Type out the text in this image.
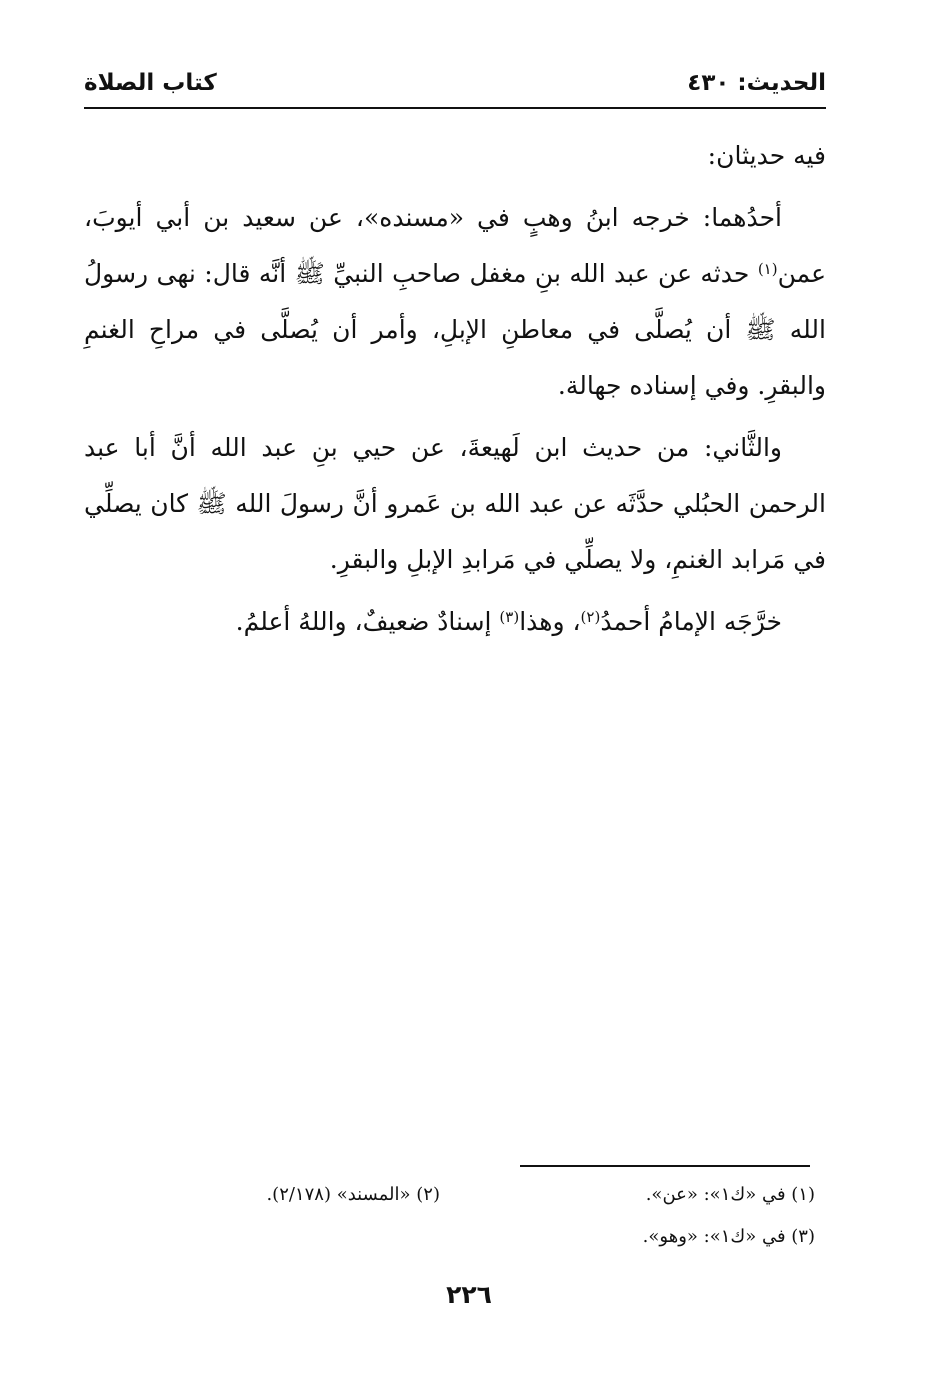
الحديث: ٤٣٠
كتاب الصلاة

فيه حديثان:

أحدُهما: خرجه ابنُ وهبٍ في «مسنده»، عن سعيد بن أبي أيوبَ، عمن$^{(١)}$ حدثه عن عبد الله بنِ مغفل صاحبِ النبيِّ ﷺ أنَّه قال: نهى رسولُ الله ﷺ أن يُصلَّى في معاطنِ الإبلِ، وأمر أن يُصلَّى في مراحِ الغنمِ والبقرِ. وفي إسناده جهالة.

والثَّاني: من حديث ابن لَهيعةَ، عن حيي بنِ عبد الله أنَّ أبا عبد الرحمن الحبُلي حدَّثَه عن عبد الله بن عَمرو أنَّ رسولَ الله ﷺ كان يصلِّي في مَرابد الغنمِ، ولا يصلِّي في مَرابدِ الإبلِ والبقرِ.

خرَّجَه الإمامُ أحمدُ$^{(٢)}$، وهذا$^{(٣)}$ إسنادٌ ضعيفٌ، واللهُ أعلمُ.

(١) في «ك١»: «عن».
(٢) «المسند» (٢/١٧٨).
(٣) في «ك١»: «وهو».
٢٢٦
